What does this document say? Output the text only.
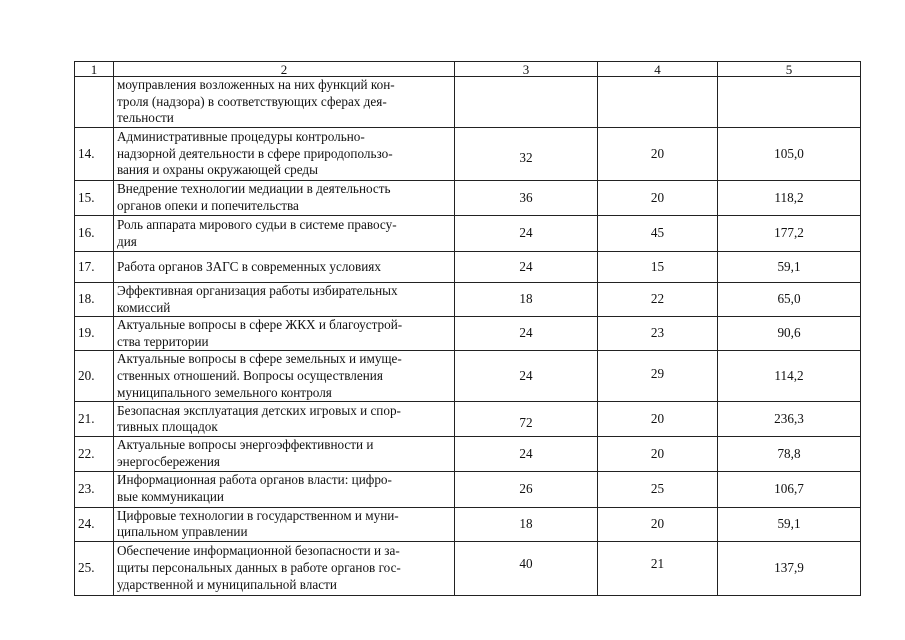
1	2	3	4	5

	моуправления возложенных на них функций кон-
троля (надзора) в соответствующих сферах дея-
тельности			

14.	Административные процедуры контрольно-
надзорной деятельности в сфере природопользо-
вания и охраны окружающей среды	32	20	105,0
15.	Внедрение технологии медиации в деятельность
органов опеки и попечительства	36	20	118,2
16.	Роль аппарата мирового судьи в системе правосу-
дия	24	45	177,2
17.	Работа органов ЗАГС в современных условиях	24	15	59,1
18.	Эффективная организация работы избирательных
комиссий	18	22	65,0
19.	Актуальные вопросы в сфере ЖКХ и благоустрой-
ства территории	24	23	90,6
20.	Актуальные вопросы в сфере земельных и имуще-
ственных отношений. Вопросы осуществления
муниципального земельного контроля	24	29	114,2
21.	Безопасная эксплуатация детских игровых и спор-
тивных площадок	72	20	236,3
22.	Актуальные вопросы энергоэффективности и
энергосбережения	24	20	78,8
23.	Информационная работа органов власти: цифро-
вые коммуникации	26	25	106,7
24.	Цифровые технологии в государственном и муни-
ципальном управлении	18	20	59,1
25.	Обеспечение информационной безопасности и за-
щиты персональных данных в работе органов гос-
ударственной и муниципальной власти	40	21	137,9
